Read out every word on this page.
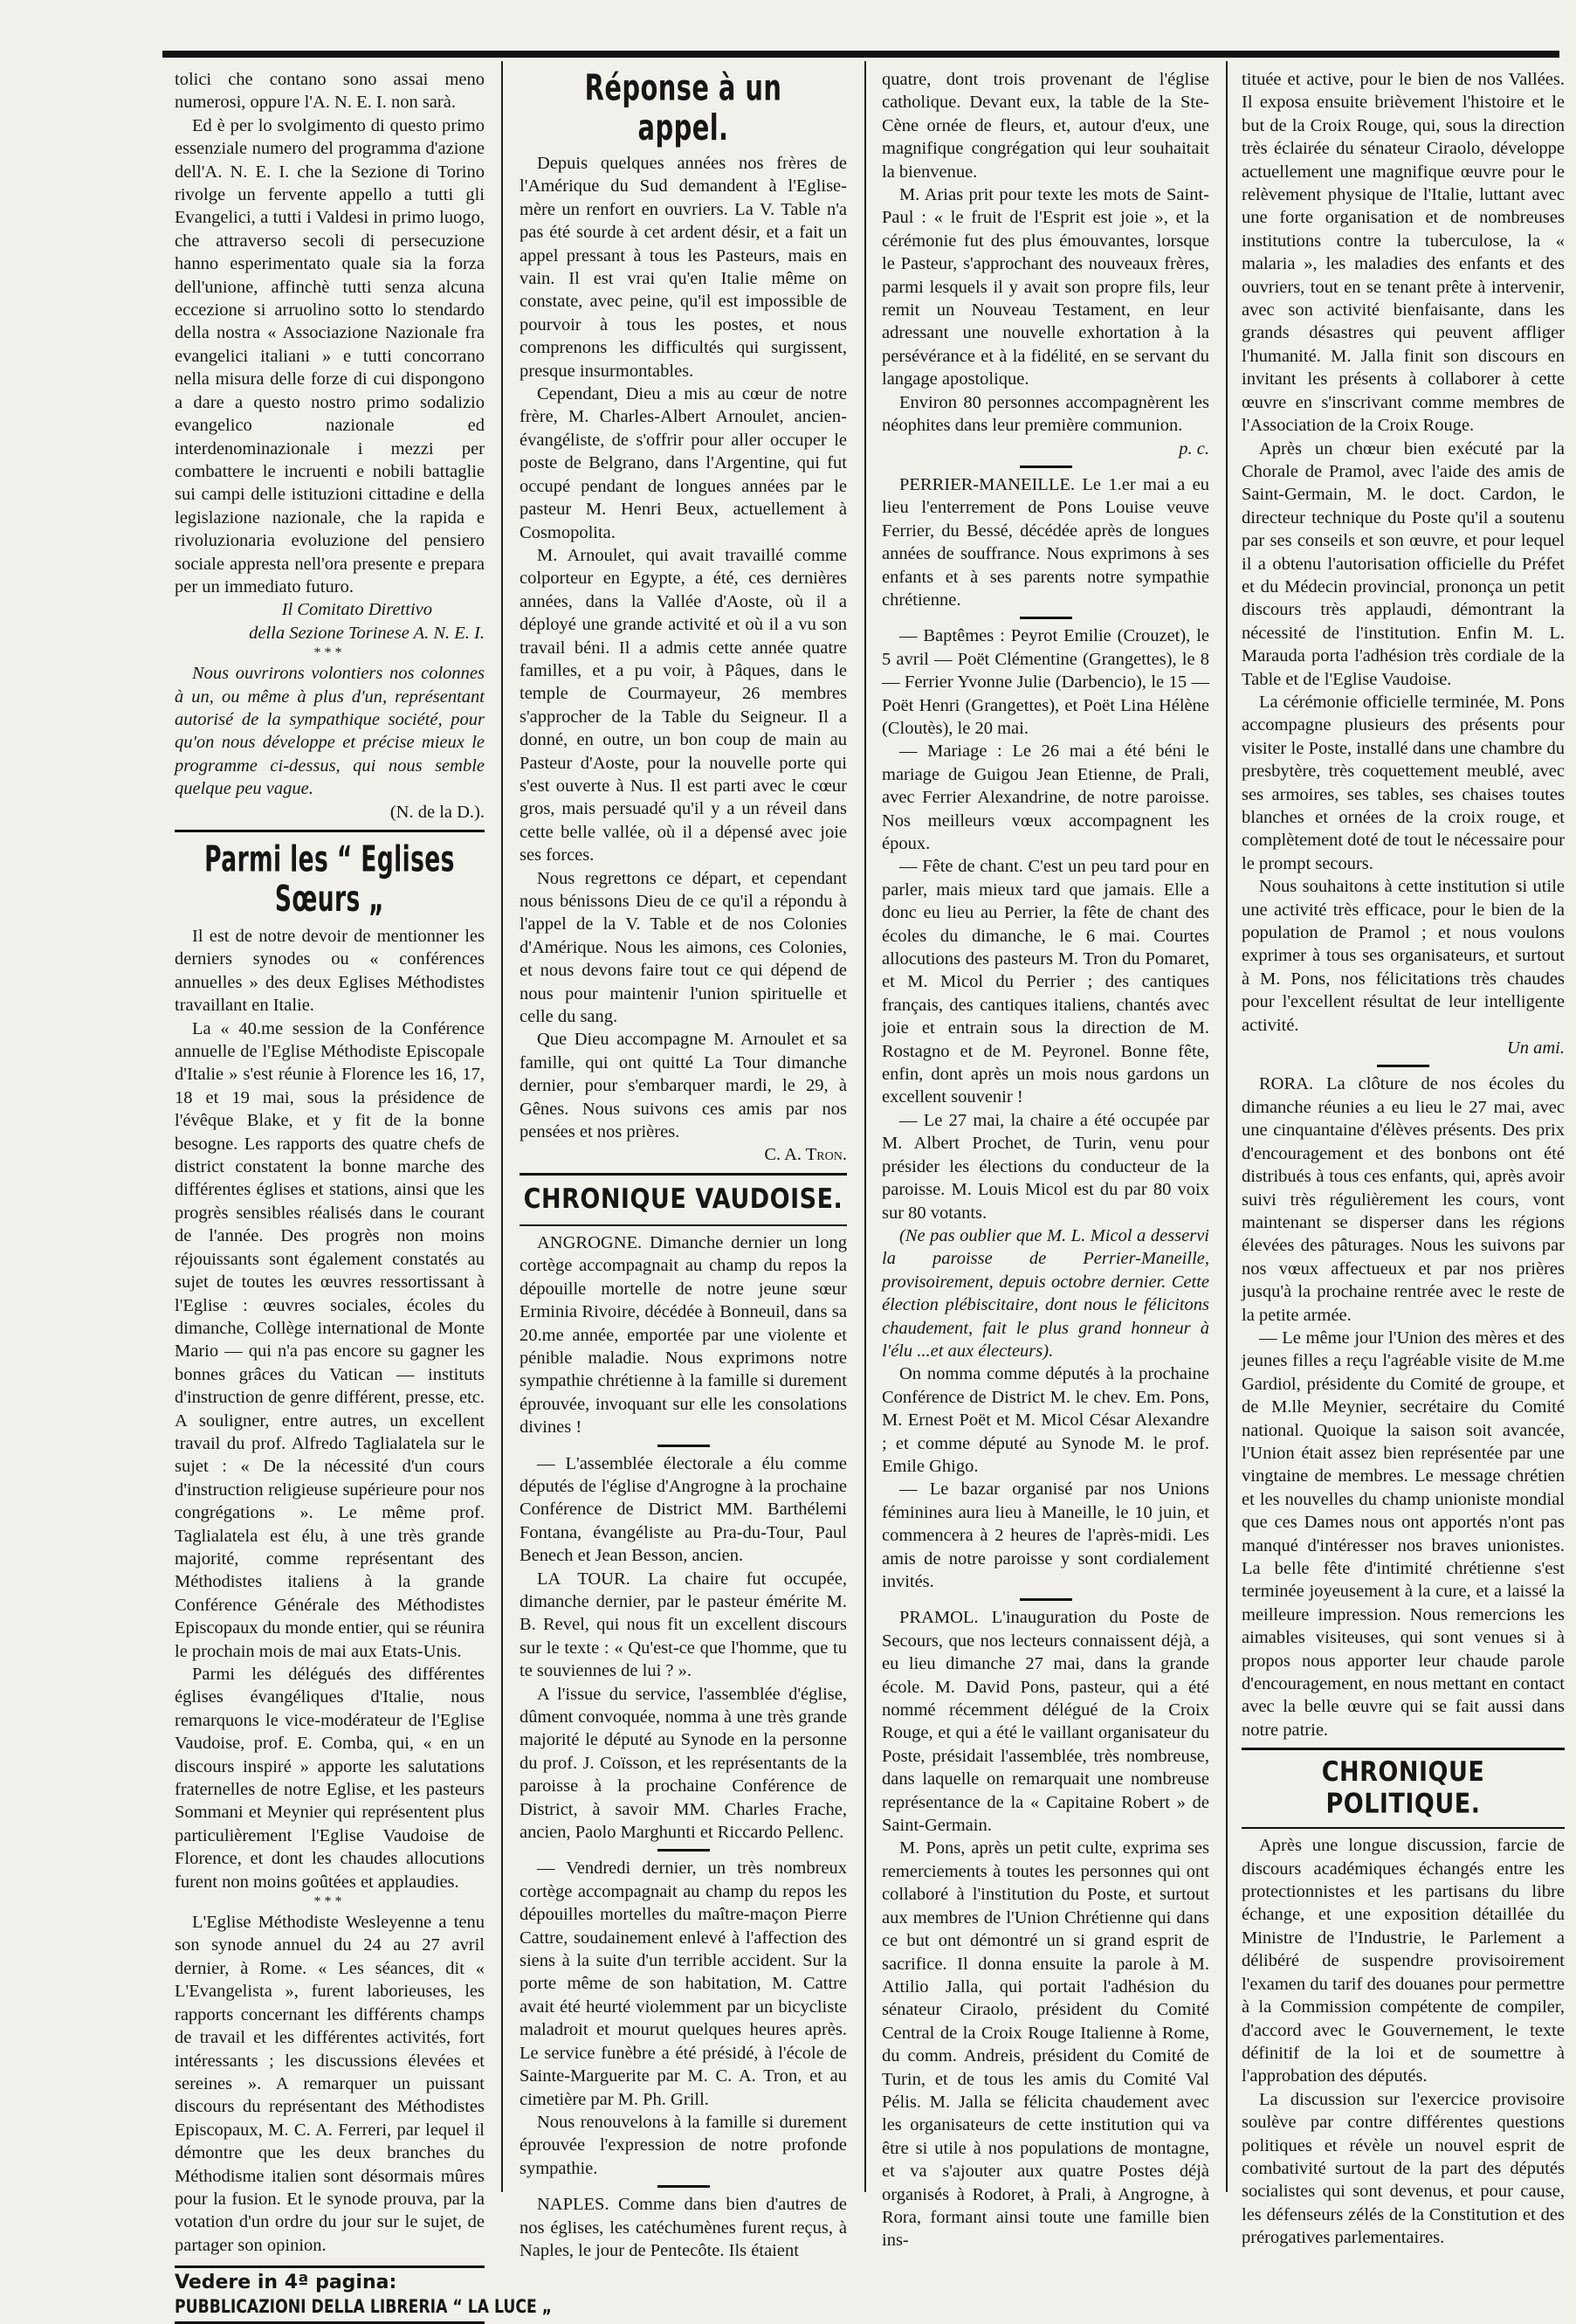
tolici che contano sono assai meno numerosi, oppure l'A. N. E. I. non sarà.

Ed è per lo svolgimento di questo primo essenziale numero del programma d'azione dell'A. N. E. I. che la Sezione di Torino rivolge un fervente appello a tutti gli Evangelici, a tutti i Valdesi in primo luogo, che attraverso secoli di persecuzione hanno esperimentato quale sia la forza dell'unione, affinchè tutti senza alcuna eccezione si arruolino sotto lo stendardo della nostra « Associazione Nazionale fra evangelici italiani » e tutti concorrano nella misura delle forze di cui dispongono a dare a questo nostro primo sodalizio evangelico nazionale ed interdenominazionale i mezzi per combattere le incruenti e nobili battaglie sui campi delle istituzioni cittadine e della legislazione nazionale, che la rapida e rivoluzionaria evoluzione del pensiero sociale appresta nell'ora presente e prepara per un immediato futuro.

Il Comitato Direttivo

della Sezione Torinese A. N. E. I.

***

Nous ouvrirons volontiers nos colonnes à un, ou même à plus d'un, représentant autorisé de la sympathique société, pour qu'on nous développe et précise mieux le programme ci-dessus, qui nous semble quelque peu vague.

(N. de la D.).

Parmi les “ Eglises Sœurs „

Il est de notre devoir de mentionner les derniers synodes ou « conférences annuelles » des deux Eglises Méthodistes travaillant en Italie.

La « 40.me session de la Conférence annuelle de l'Eglise Méthodiste Episcopale d'Italie » s'est réunie à Florence les 16, 17, 18 et 19 mai, sous la présidence de l'évêque Blake, et y fit de la bonne besogne. Les rapports des quatre chefs de district constatent la bonne marche des différentes églises et stations, ainsi que les progrès sensibles réalisés dans le courant de l'année. Des progrès non moins réjouissants sont également constatés au sujet de toutes les œuvres ressortissant à l'Eglise : œuvres sociales, écoles du dimanche, Collège international de Monte Mario — qui n'a pas encore su gagner les bonnes grâces du Vatican — instituts d'instruction de genre différent, presse, etc. A souligner, entre autres, un excellent travail du prof. Alfredo Taglialatela sur le sujet : « De la nécessité d'un cours d'instruction religieuse supérieure pour nos congrégations ». Le même prof. Taglialatela est élu, à une très grande majorité, comme représentant des Méthodistes italiens à la grande Conférence Générale des Méthodistes Episcopaux du monde entier, qui se réunira le prochain mois de mai aux Etats-Unis.

Parmi les délégués des différentes églises évangéliques d'Italie, nous remarquons le vice-modérateur de l'Eglise Vaudoise, prof. E. Comba, qui, « en un discours inspiré » apporte les salutations fraternelles de notre Eglise, et les pasteurs Sommani et Meynier qui représentent plus particulièrement l'Eglise Vaudoise de Florence, et dont les chaudes allocutions furent non moins goûtées et applaudies.

***

L'Eglise Méthodiste Wesleyenne a tenu son synode annuel du 24 au 27 avril dernier, à Rome. « Les séances, dit « L'Evangelista », furent laborieuses, les rapports concernant les différents champs de travail et les différentes activités, fort intéressants ; les discussions élevées et sereines ». A remarquer un puissant discours du représentant des Méthodistes Episcopaux, M. C. A. Ferreri, par lequel il démontre que les deux branches du Méthodisme italien sont désormais mûres pour la fusion. Et le synode prouva, par la votation d'un ordre du jour sur le sujet, de partager son opinion.

Vedere in 4ª pagina:
PUBBLICAZIONI DELLA LIBRERIA “ LA LUCE „
Réponse à un appel.

Depuis quelques années nos frères de l'Amérique du Sud demandent à l'Eglise-mère un renfort en ouvriers. La V. Table n'a pas été sourde à cet ardent désir, et a fait un appel pressant à tous les Pasteurs, mais en vain. Il est vrai qu'en Italie même on constate, avec peine, qu'il est impossible de pourvoir à tous les postes, et nous comprenons les difficultés qui surgissent, presque insurmontables.

Cependant, Dieu a mis au cœur de notre frère, M. Charles-Albert Arnoulet, ancien-évangéliste, de s'offrir pour aller occuper le poste de Belgrano, dans l'Argentine, qui fut occupé pendant de longues années par le pasteur M. Henri Beux, actuellement à Cosmopolita.

M. Arnoulet, qui avait travaillé comme colporteur en Egypte, a été, ces dernières années, dans la Vallée d'Aoste, où il a déployé une grande activité et où il a vu son travail béni. Il a admis cette année quatre familles, et a pu voir, à Pâques, dans le temple de Courmayeur, 26 membres s'approcher de la Table du Seigneur. Il a donné, en outre, un bon coup de main au Pasteur d'Aoste, pour la nouvelle porte qui s'est ouverte à Nus. Il est parti avec le cœur gros, mais persuadé qu'il y a un réveil dans cette belle vallée, où il a dépensé avec joie ses forces.

Nous regrettons ce départ, et cependant nous bénissons Dieu de ce qu'il a répondu à l'appel de la V. Table et de nos Colonies d'Amérique. Nous les aimons, ces Colonies, et nous devons faire tout ce qui dépend de nous pour maintenir l'union spirituelle et celle du sang.

Que Dieu accompagne M. Arnoulet et sa famille, qui ont quitté La Tour dimanche dernier, pour s'embarquer mardi, le 29, à Gênes. Nous suivons ces amis par nos pensées et nos prières.

C. A. Tron.

CHRONIQUE VAUDOISE.

ANGROGNE. Dimanche dernier un long cortège accompagnait au champ du repos la dépouille mortelle de notre jeune sœur Erminia Rivoire, décédée à Bonneuil, dans sa 20.me année, emportée par une violente et pénible maladie. Nous exprimons notre sympathie chrétienne à la famille si durement éprouvée, invoquant sur elle les consolations divines !

— L'assemblée électorale a élu comme députés de l'église d'Angrogne à la prochaine Conférence de District MM. Barthélemi Fontana, évangéliste au Pra-du-Tour, Paul Benech et Jean Besson, ancien.

LA TOUR. La chaire fut occupée, dimanche dernier, par le pasteur émérite M. B. Revel, qui nous fit un excellent discours sur le texte : « Qu'est-ce que l'homme, que tu te souviennes de lui ? ».

A l'issue du service, l'assemblée d'église, dûment convoquée, nomma à une très grande majorité le député au Synode en la personne du prof. J. Coïsson, et les représentants de la paroisse à la prochaine Conférence de District, à savoir MM. Charles Frache, ancien, Paolo Marghunti et Riccardo Pellenc.

— Vendredi dernier, un très nombreux cortège accompagnait au champ du repos les dépouilles mortelles du maître-maçon Pierre Cattre, soudainement enlevé à l'affection des siens à la suite d'un terrible accident. Sur la porte même de son habitation, M. Cattre avait été heurté violemment par un bicycliste maladroit et mourut quelques heures après. Le service funèbre a été présidé, à l'école de Sainte-Marguerite par M. C. A. Tron, et au cimetière par M. Ph. Grill.

Nous renouvelons à la famille si durement éprouvée l'expression de notre profonde sympathie.

NAPLES. Comme dans bien d'autres de nos églises, les catéchumènes furent reçus, à Naples, le jour de Pentecôte. Ils étaient

quatre, dont trois provenant de l'église catholique. Devant eux, la table de la Ste-Cène ornée de fleurs, et, autour d'eux, une magnifique congrégation qui leur souhaitait la bienvenue.

M. Arias prit pour texte les mots de Saint-Paul : « le fruit de l'Esprit est joie », et la cérémonie fut des plus émouvantes, lorsque le Pasteur, s'approchant des nouveaux frères, parmi lesquels il y avait son propre fils, leur remit un Nouveau Testament, en leur adressant une nouvelle exhortation à la persévérance et à la fidélité, en se servant du langage apostolique.

Environ 80 personnes accompagnèrent les néophites dans leur première communion.

p. c.

PERRIER-MANEILLE. Le 1.er mai a eu lieu l'enterrement de Pons Louise veuve Ferrier, du Bessé, décédée après de longues années de souffrance. Nous exprimons à ses enfants et à ses parents notre sympathie chrétienne.

— Baptêmes : Peyrot Emilie (Crouzet), le 5 avril — Poët Clémentine (Grangettes), le 8 — Ferrier Yvonne Julie (Darbencio), le 15 — Poët Henri (Grangettes), et Poët Lina Hélène (Cloutès), le 20 mai.

— Mariage : Le 26 mai a été béni le mariage de Guigou Jean Etienne, de Prali, avec Ferrier Alexandrine, de notre paroisse. Nos meilleurs vœux accompagnent les époux.

— Fête de chant. C'est un peu tard pour en parler, mais mieux tard que jamais. Elle a donc eu lieu au Perrier, la fête de chant des écoles du dimanche, le 6 mai. Courtes allocutions des pasteurs M. Tron du Pomaret, et M. Micol du Perrier ; des cantiques français, des cantiques italiens, chantés avec joie et entrain sous la direction de M. Rostagno et de M. Peyronel. Bonne fête, enfin, dont après un mois nous gardons un excellent souvenir !

— Le 27 mai, la chaire a été occupée par M. Albert Prochet, de Turin, venu pour présider les élections du conducteur de la paroisse. M. Louis Micol est du par 80 voix sur 80 votants.

(Ne pas oublier que M. L. Micol a desservi la paroisse de Perrier-Maneille, provisoirement, depuis octobre dernier. Cette élection plébiscitaire, dont nous le félicitons chaudement, fait le plus grand honneur à l'élu ...et aux électeurs).

On nomma comme députés à la prochaine Conférence de District M. le chev. Em. Pons, M. Ernest Poët et M. Micol César Alexandre ; et comme député au Synode M. le prof. Emile Ghigo.

— Le bazar organisé par nos Unions féminines aura lieu à Maneille, le 10 juin, et commencera à 2 heures de l'après-midi. Les amis de notre paroisse y sont cordialement invités.

PRAMOL. L'inauguration du Poste de Secours, que nos lecteurs connaissent déjà, a eu lieu dimanche 27 mai, dans la grande école. M. David Pons, pasteur, qui a été nommé récemment délégué de la Croix Rouge, et qui a été le vaillant organisateur du Poste, présidait l'assemblée, très nombreuse, dans laquelle on remarquait une nombreuse représentance de la « Capitaine Robert » de Saint-Germain.

M. Pons, après un petit culte, exprima ses remerciements à toutes les personnes qui ont collaboré à l'institution du Poste, et surtout aux membres de l'Union Chrétienne qui dans ce but ont démontré un si grand esprit de sacrifice. Il donna ensuite la parole à M. Attilio Jalla, qui portait l'adhésion du sénateur Ciraolo, président du Comité Central de la Croix Rouge Italienne à Rome, du comm. Andreis, président du Comité de Turin, et de tous les amis du Comité Val Pélis. M. Jalla se félicita chaudement avec les organisateurs de cette institution qui va être si utile à nos populations de montagne, et va s'ajouter aux quatre Postes déjà organisés à Rodoret, à Prali, à Angrogne, à Rora, formant ainsi toute une famille bien ins-

tituée et active, pour le bien de nos Vallées. Il exposa ensuite brièvement l'histoire et le but de la Croix Rouge, qui, sous la direction très éclairée du sénateur Ciraolo, développe actuellement une magnifique œuvre pour le relèvement physique de l'Italie, luttant avec une forte organisation et de nombreuses institutions contre la tuberculose, la « malaria », les maladies des enfants et des ouvriers, tout en se tenant prête à intervenir, avec son activité bienfaisante, dans les grands désastres qui peuvent affliger l'humanité. M. Jalla finit son discours en invitant les présents à collaborer à cette œuvre en s'inscrivant comme membres de l'Association de la Croix Rouge.

Après un chœur bien exécuté par la Chorale de Pramol, avec l'aide des amis de Saint-Germain, M. le doct. Cardon, le directeur technique du Poste qu'il a soutenu par ses conseils et son œuvre, et pour lequel il a obtenu l'autorisation officielle du Préfet et du Médecin provincial, prononça un petit discours très applaudi, démontrant la nécessité de l'institution. Enfin M. L. Marauda porta l'adhésion très cordiale de la Table et de l'Eglise Vaudoise.

La cérémonie officielle terminée, M. Pons accompagne plusieurs des présents pour visiter le Poste, installé dans une chambre du presbytère, très coquettement meublé, avec ses armoires, ses tables, ses chaises toutes blanches et ornées de la croix rouge, et complètement doté de tout le nécessaire pour le prompt secours.

Nous souhaitons à cette institution si utile une activité très efficace, pour le bien de la population de Pramol ; et nous voulons exprimer à tous ses organisateurs, et surtout à M. Pons, nos félicitations très chaudes pour l'excellent résultat de leur intelligente activité.

Un ami.

RORA. La clôture de nos écoles du dimanche réunies a eu lieu le 27 mai, avec une cinquantaine d'élèves présents. Des prix d'encouragement et des bonbons ont été distribués à tous ces enfants, qui, après avoir suivi très régulièrement les cours, vont maintenant se disperser dans les régions élevées des pâturages. Nous les suivons par nos vœux affectueux et par nos prières jusqu'à la prochaine rentrée avec le reste de la petite armée.

— Le même jour l'Union des mères et des jeunes filles a reçu l'agréable visite de M.me Gardiol, présidente du Comité de groupe, et de M.lle Meynier, secrétaire du Comité national. Quoique la saison soit avancée, l'Union était assez bien représentée par une vingtaine de membres. Le message chrétien et les nouvelles du champ unioniste mondial que ces Dames nous ont apportés n'ont pas manqué d'intéresser nos braves unionistes. La belle fête d'intimité chrétienne s'est terminée joyeusement à la cure, et a laissé la meilleure impression. Nous remercions les aimables visiteuses, qui sont venues si à propos nous apporter leur chaude parole d'encouragement, en nous mettant en contact avec la belle œuvre qui se fait aussi dans notre patrie.

CHRONIQUE POLITIQUE.

Après une longue discussion, farcie de discours académiques échangés entre les protectionnistes et les partisans du libre échange, et une exposition détaillée du Ministre de l'Industrie, le Parlement a délibéré de suspendre provisoirement l'examen du tarif des douanes pour permettre à la Commission compétente de compiler, d'accord avec le Gouvernement, le texte définitif de la loi et de soumettre à l'approbation des députés.

La discussion sur l'exercice provisoire soulève par contre différentes questions politiques et révèle un nouvel esprit de combativité surtout de la part des députés socialistes qui sont devenus, et pour cause, les défenseurs zélés de la Constitution et des prérogatives parlementaires.
